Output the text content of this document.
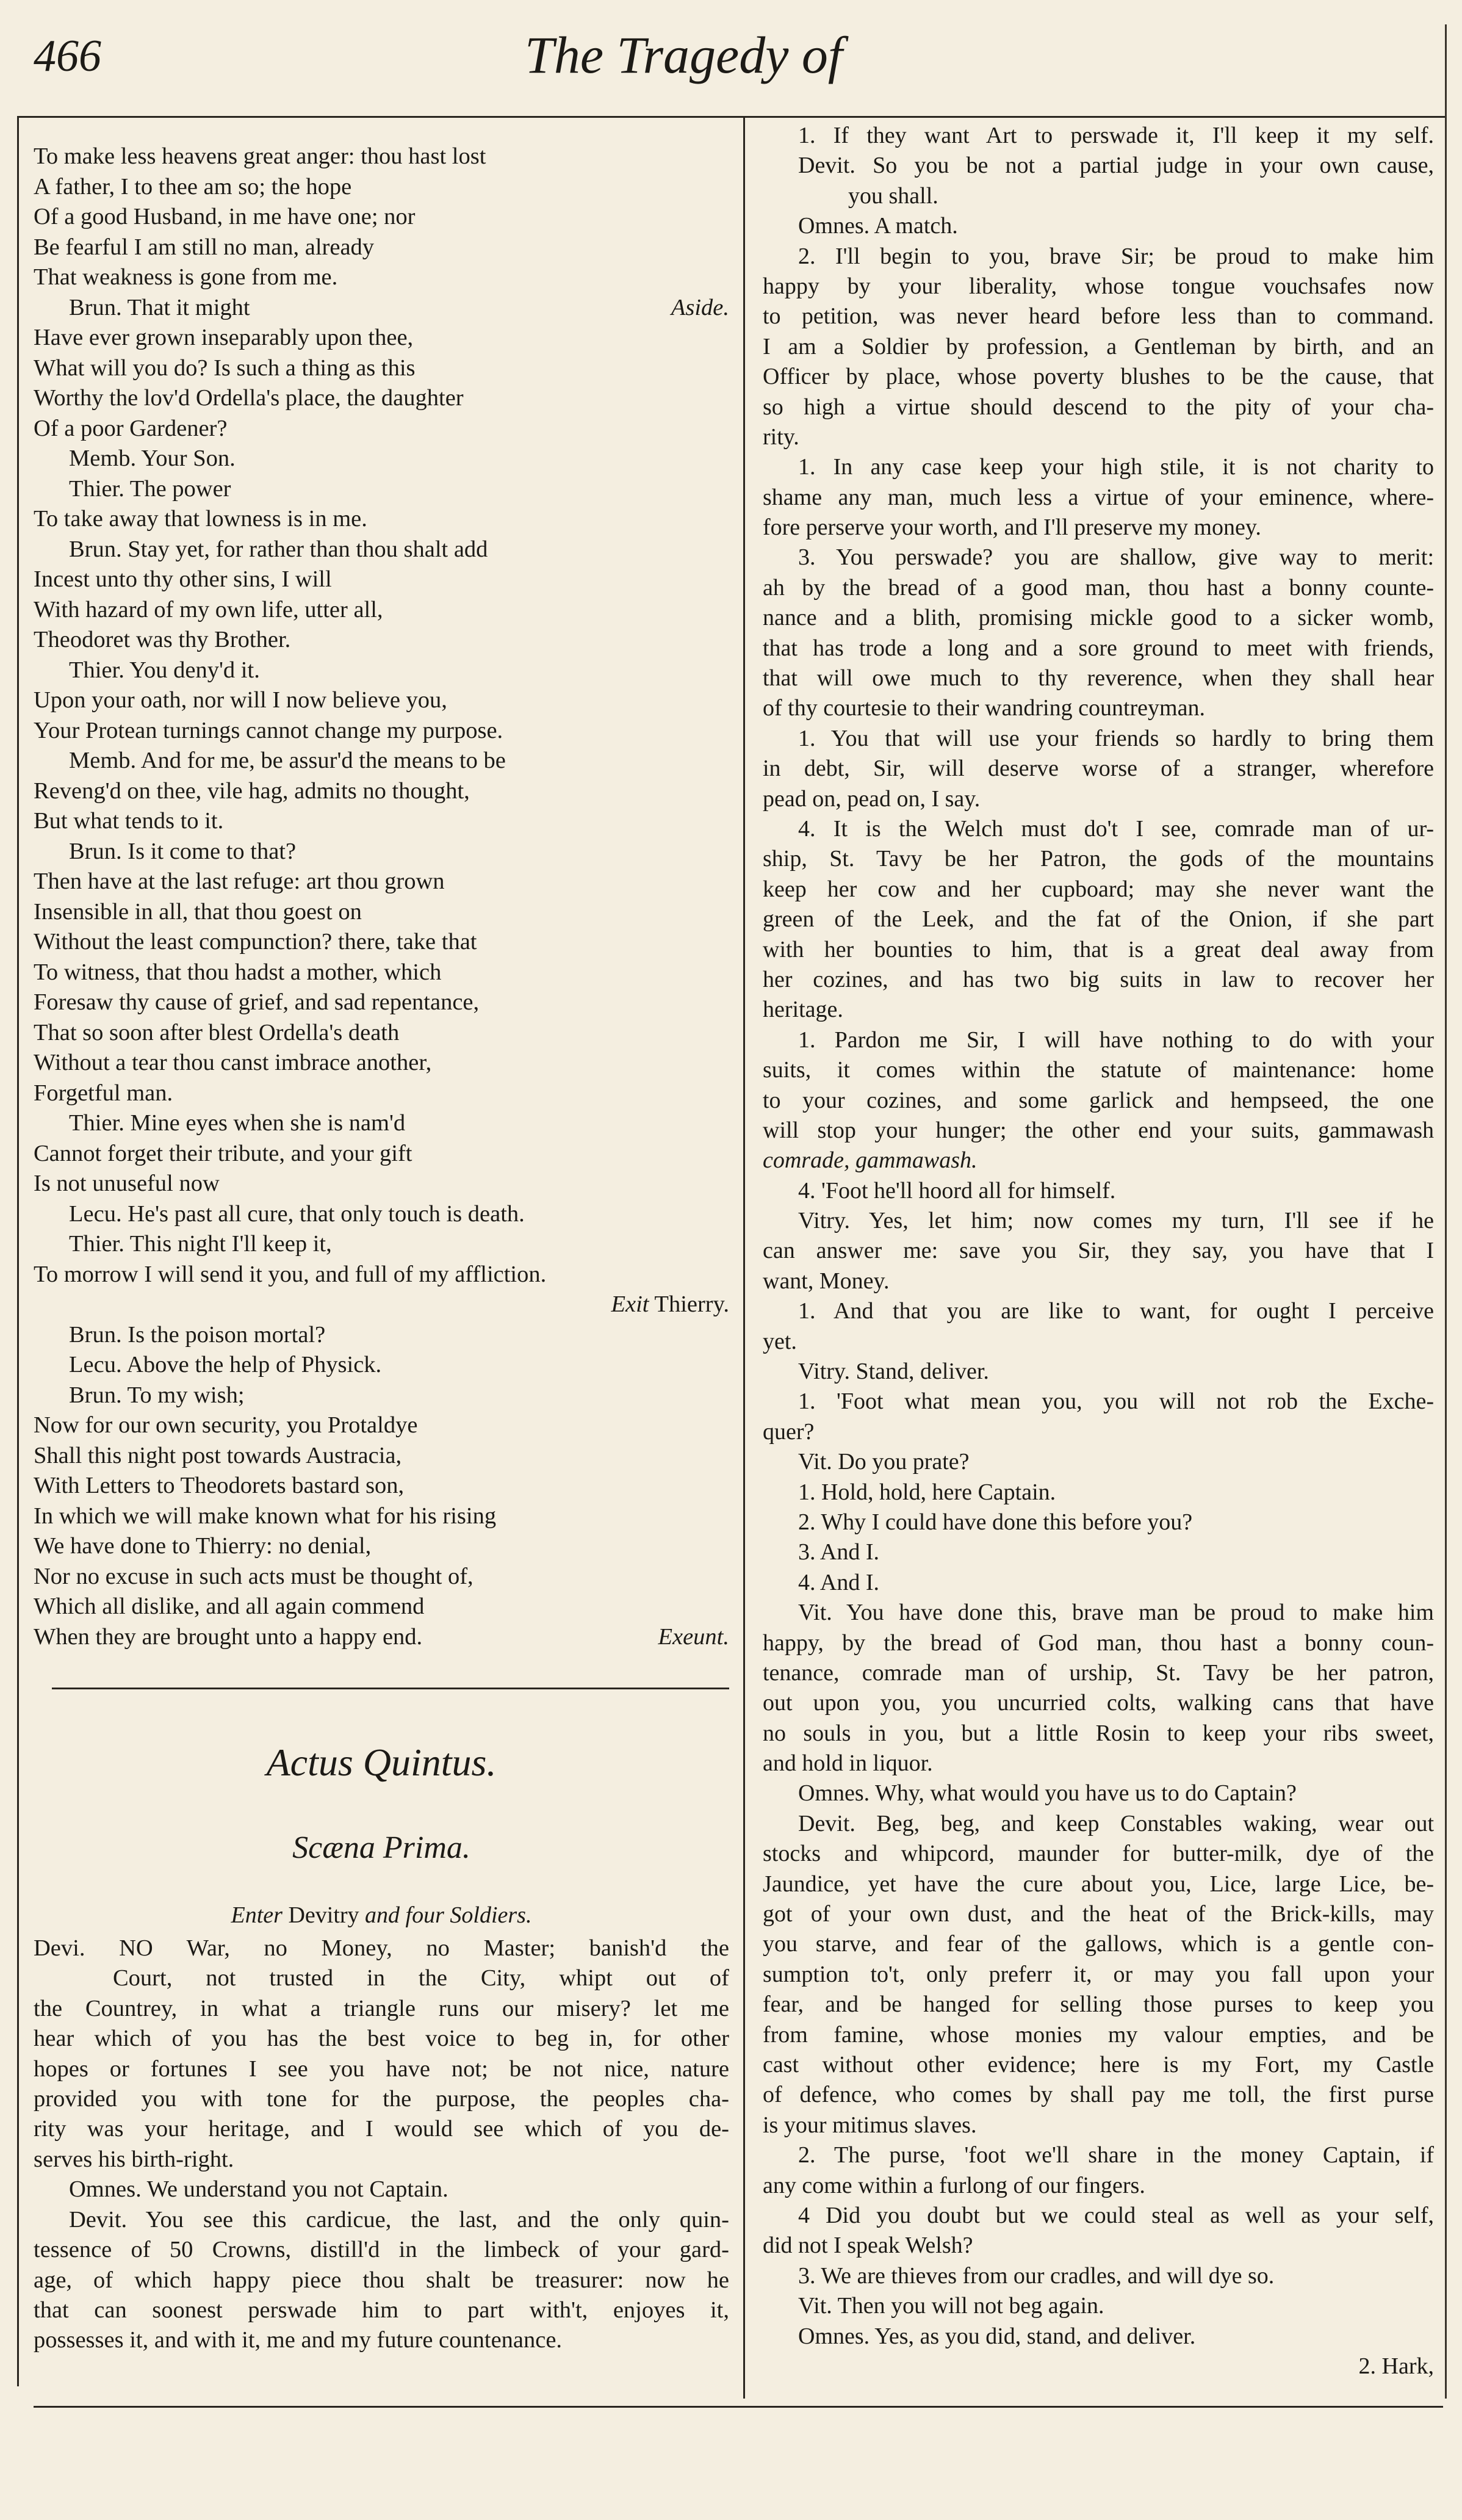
466	The Tragedy of
To make less heavens great anger: thou hast lost
A father, I to thee am so; the hope
Of a good Husband, in me have one; nor
Be fearful I am still no man, already
That weakness is gone from me.
Brun. That it might	Aside.
Have ever grown inseparably upon thee,
What will you do? Is such a thing as this
Worthy the lov'd Ordella's place, the daughter
Of a poor Gardener?
Memb. Your Son.
Thier. The power
To take away that lowness is in me.
Brun. Stay yet, for rather than thou shalt add
Incest unto thy other sins, I will
With hazard of my own life, utter all,
Theodoret was thy Brother.
Thier. You deny'd it.
Upon your oath, nor will I now believe you,
Your Protean turnings cannot change my purpose.
Memb. And for me, be assur'd the means to be
Reveng'd on thee, vile hag, admits no thought,
But what tends to it.
Brun. Is it come to that?
Then have at the last refuge: art thou grown
Insensible in all, that thou goest on
Without the least compunction? there, take that
To witness, that thou hadst a mother, which
Foresaw thy cause of grief, and sad repentance,
That so soon after blest Ordella's death
Without a tear thou canst imbrace another,
Forgetful man.
Thier. Mine eyes when she is nam'd
Cannot forget their tribute, and your gift
Is not unuseful now
Lecu. He's past all cure, that only touch is death.
Thier. This night I'll keep it,
To morrow I will send it you, and full of my affliction.
Exit Thierry.
Brun. Is the poison mortal?
Lecu. Above the help of Physick.
Brun. To my wish;
Now for our own security, you Protaldye
Shall this night post towards Austracia,
With Letters to Theodorets bastard son,
In which we will make known what for his rising
We have done to Thierry: no denial,
Nor no excuse in such acts must be thought of,
Which all dislike, and all again commend
When they are brought unto a happy end.	Exeunt.
Actus Quintus.
Scæna Prima.
Enter Devitry and four Soldiers.
Devi. NO War, no Money, no Master; banish'd the
Court, not trusted in the City, whipt out of
the Countrey, in what a triangle runs our misery? let me
hear which of you has the best voice to beg in, for other
hopes or fortunes I see you have not; be not nice, nature
provided you with tone for the purpose, the peoples cha-
rity was your heritage, and I would see which of you de-
serves his birth-right.
Omnes. We understand you not Captain.
Devit. You see this cardicue, the last, and the only quin-
tessence of 50 Crowns, distill'd in the limbeck of your gard-
age, of which happy piece thou shalt be treasurer: now he
that can soonest perswade him to part with't, enjoyes it,
possesses it, and with it, me and my future countenance.
1. If they want Art to perswade it, I'll keep it my self.
Devit. So you be not a partial judge in your own cause,
you shall.
Omnes. A match.
2. I'll begin to you, brave Sir; be proud to make him
happy by your liberality, whose tongue vouchsafes now
to petition, was never heard before less than to command.
I am a Soldier by profession, a Gentleman by birth, and an
Officer by place, whose poverty blushes to be the cause, that
so high a virtue should descend to the pity of your cha-
rity.
1. In any case keep your high stile, it is not charity to
shame any man, much less a virtue of your eminence, where-
fore perserve your worth, and I'll preserve my money.
3. You perswade? you are shallow, give way to merit:
ah by the bread of a good man, thou hast a bonny counte-
nance and a blith, promising mickle good to a sicker womb,
that has trode a long and a sore ground to meet with friends,
that will owe much to thy reverence, when they shall hear
of thy courtesie to their wandring countreyman.
1. You that will use your friends so hardly to bring them
in debt, Sir, will deserve worse of a stranger, wherefore
pead on, pead on, I say.
4. It is the Welch must do't I see, comrade man of ur-
ship, St. Tavy be her Patron, the gods of the mountains
keep her cow and her cupboard; may she never want the
green of the Leek, and the fat of the Onion, if she part
with her bounties to him, that is a great deal away from
her cozines, and has two big suits in law to recover her
heritage.
1. Pardon me Sir, I will have nothing to do with your
suits, it comes within the statute of maintenance: home
to your cozines, and some garlick and hempseed, the one
will stop your hunger; the other end your suits, gammawash
comrade, gammawash.
4. 'Foot he'll hoord all for himself.
Vitry. Yes, let him; now comes my turn, I'll see if he
can answer me: save you Sir, they say, you have that I
want, Money.
1. And that you are like to want, for ought I perceive
yet.
Vitry. Stand, deliver.
1. 'Foot what mean you, you will not rob the Exche-
quer?
Vit. Do you prate?
1. Hold, hold, here Captain.
2. Why I could have done this before you?
3. And I.
4. And I.
Vit. You have done this, brave man be proud to make him
happy, by the bread of God man, thou hast a bonny coun-
tenance, comrade man of urship, St. Tavy be her patron,
out upon you, you uncurried colts, walking cans that have
no souls in you, but a little Rosin to keep your ribs sweet,
and hold in liquor.
Omnes. Why, what would you have us to do Captain?
Devit. Beg, beg, and keep Constables waking, wear out
stocks and whipcord, maunder for butter-milk, dye of the
Jaundice, yet have the cure about you, Lice, large Lice, be-
got of your own dust, and the heat of the Brick-kills, may
you starve, and fear of the gallows, which is a gentle con-
sumption to't, only preferr it, or may you fall upon your
fear, and be hanged for selling those purses to keep you
from famine, whose monies my valour empties, and be
cast without other evidence; here is my Fort, my Castle
of defence, who comes by shall pay me toll, the first purse
is your mitimus slaves.
2. The purse, 'foot we'll share in the money Captain, if
any come within a furlong of our fingers.
4 Did you doubt but we could steal as well as your self,
did not I speak Welsh?
3. We are thieves from our cradles, and will dye so.
Vit. Then you will not beg again.
Omnes. Yes, as you did, stand, and deliver.
2. Hark,
